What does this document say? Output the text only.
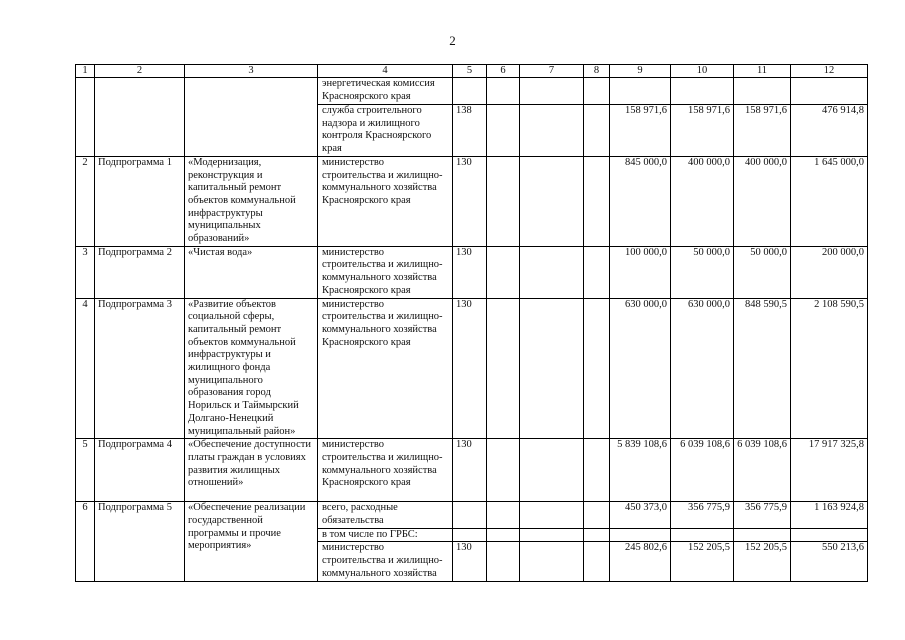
2
1	2	3	4	5	6	7	8	9	10	11	12
			энергетическая комиссия Красноярского края								
			служба строительного надзора и жилищного контроля Красноярского края	138				158 971,6	158 971,6	158 971,6	476 914,8
2	Подпрограмма 1	«Модернизация, реконструкция и капитальный ремонт объектов коммунальной инфраструктуры муниципальных образований»	министерство строительства и жилищно-коммунального хозяйства Красноярского края	130				845 000,0	400 000,0	400 000,0	1 645 000,0
3	Подпрограмма 2	«Чистая вода»	министерство строительства и жилищно-коммунального хозяйства Красноярского края	130				100 000,0	50 000,0	50 000,0	200 000,0
4	Подпрограмма 3	«Развитие объектов социальной сферы, капитальный ремонт объектов коммунальной инфраструктуры и жилищного фонда муниципального образования город Норильск и Таймырский Долгано-Ненецкий муниципальный район»	министерство строительства и жилищно-коммунального хозяйства Красноярского края	130				630 000,0	630 000,0	848 590,5	2 108 590,5
5	Подпрограмма 4	«Обеспечение доступности платы граждан в условиях развития жилищных отношений»	министерство строительства и жилищно-коммунального хозяйства Красноярского края	130				5 839 108,6	6 039 108,6	6 039 108,6	17 917 325,8
6	Подпрограмма 5	«Обеспечение реализации государственной программы и прочие мероприятия»	всего, расходные обязательства					450 373,0	356 775,9	356 775,9	1 163 924,8
			в том числе по ГРБС:								
			министерство строительства и жилищно-коммунального хозяйства	130				245 802,6	152 205,5	152 205,5	550 213,6
